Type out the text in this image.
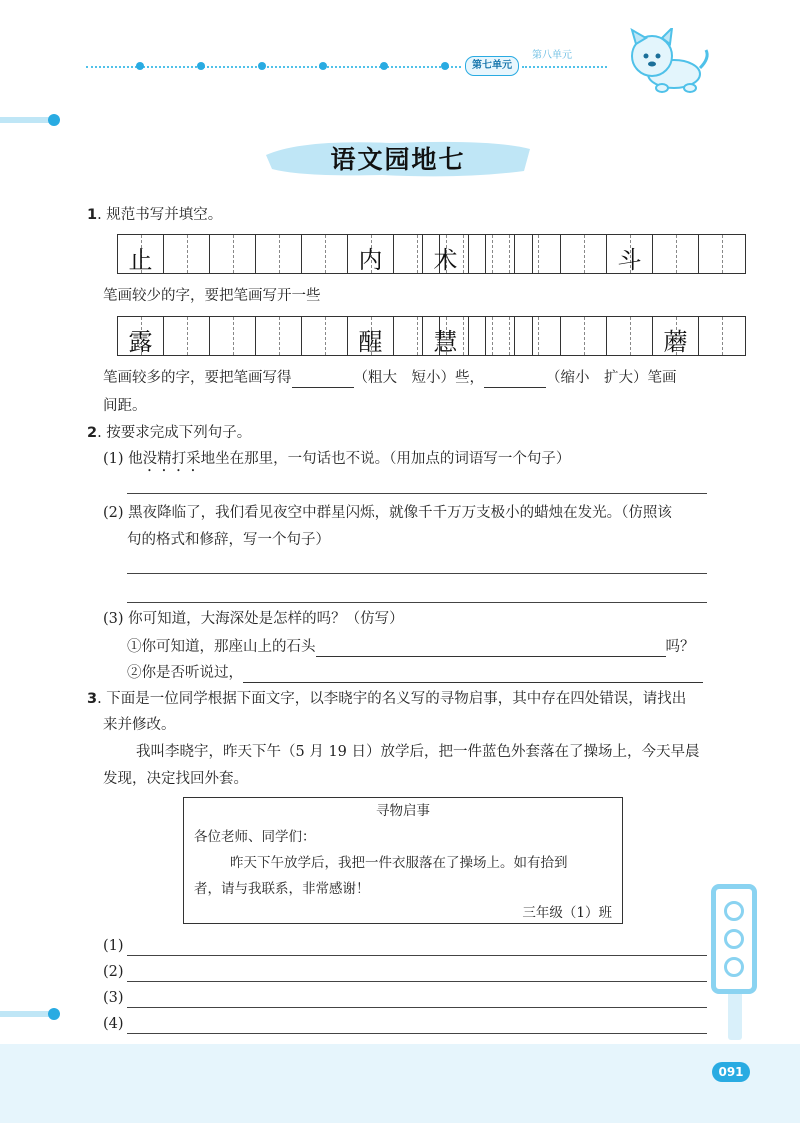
第七单元
第八单元
语文园地七
1. 规范书写并填空。
止	内	术	斗
笔画较少的字，要把笔画写开一些
露	醒	慧	蘑
笔画较多的字，要把笔画写得	（粗大　短小）些，	（缩小　扩大）笔画
间距。
2. 按要求完成下列句子。
(1) 他没精打采地坐在那里，一句话也不说。（用加点的词语写一个句子）
(2) 黑夜降临了，我们看见夜空中群星闪烁，就像千千万万支极小的蜡烛在发光。（仿照该
句的格式和修辞，写一个句子）
(3) 你可知道，大海深处是怎样的吗？（仿写）
①你可知道，那座山上的石头	吗？
②你是否听说过，
3. 下面是一位同学根据下面文字，以李晓宇的名义写的寻物启事，其中存在四处错误，请找出
来并修改。
我叫李晓宇，昨天下午（5 月 19 日）放学后，把一件蓝色外套落在了操场上，今天早晨
发现，决定找回外套。
寻物启事
各位老师、同学们：
昨天下午放学后，我把一件衣服落在了操场上。如有拾到
者，请与我联系，非常感谢！
三年级（1）班
(1)
(2)
(3)
(4)
091
